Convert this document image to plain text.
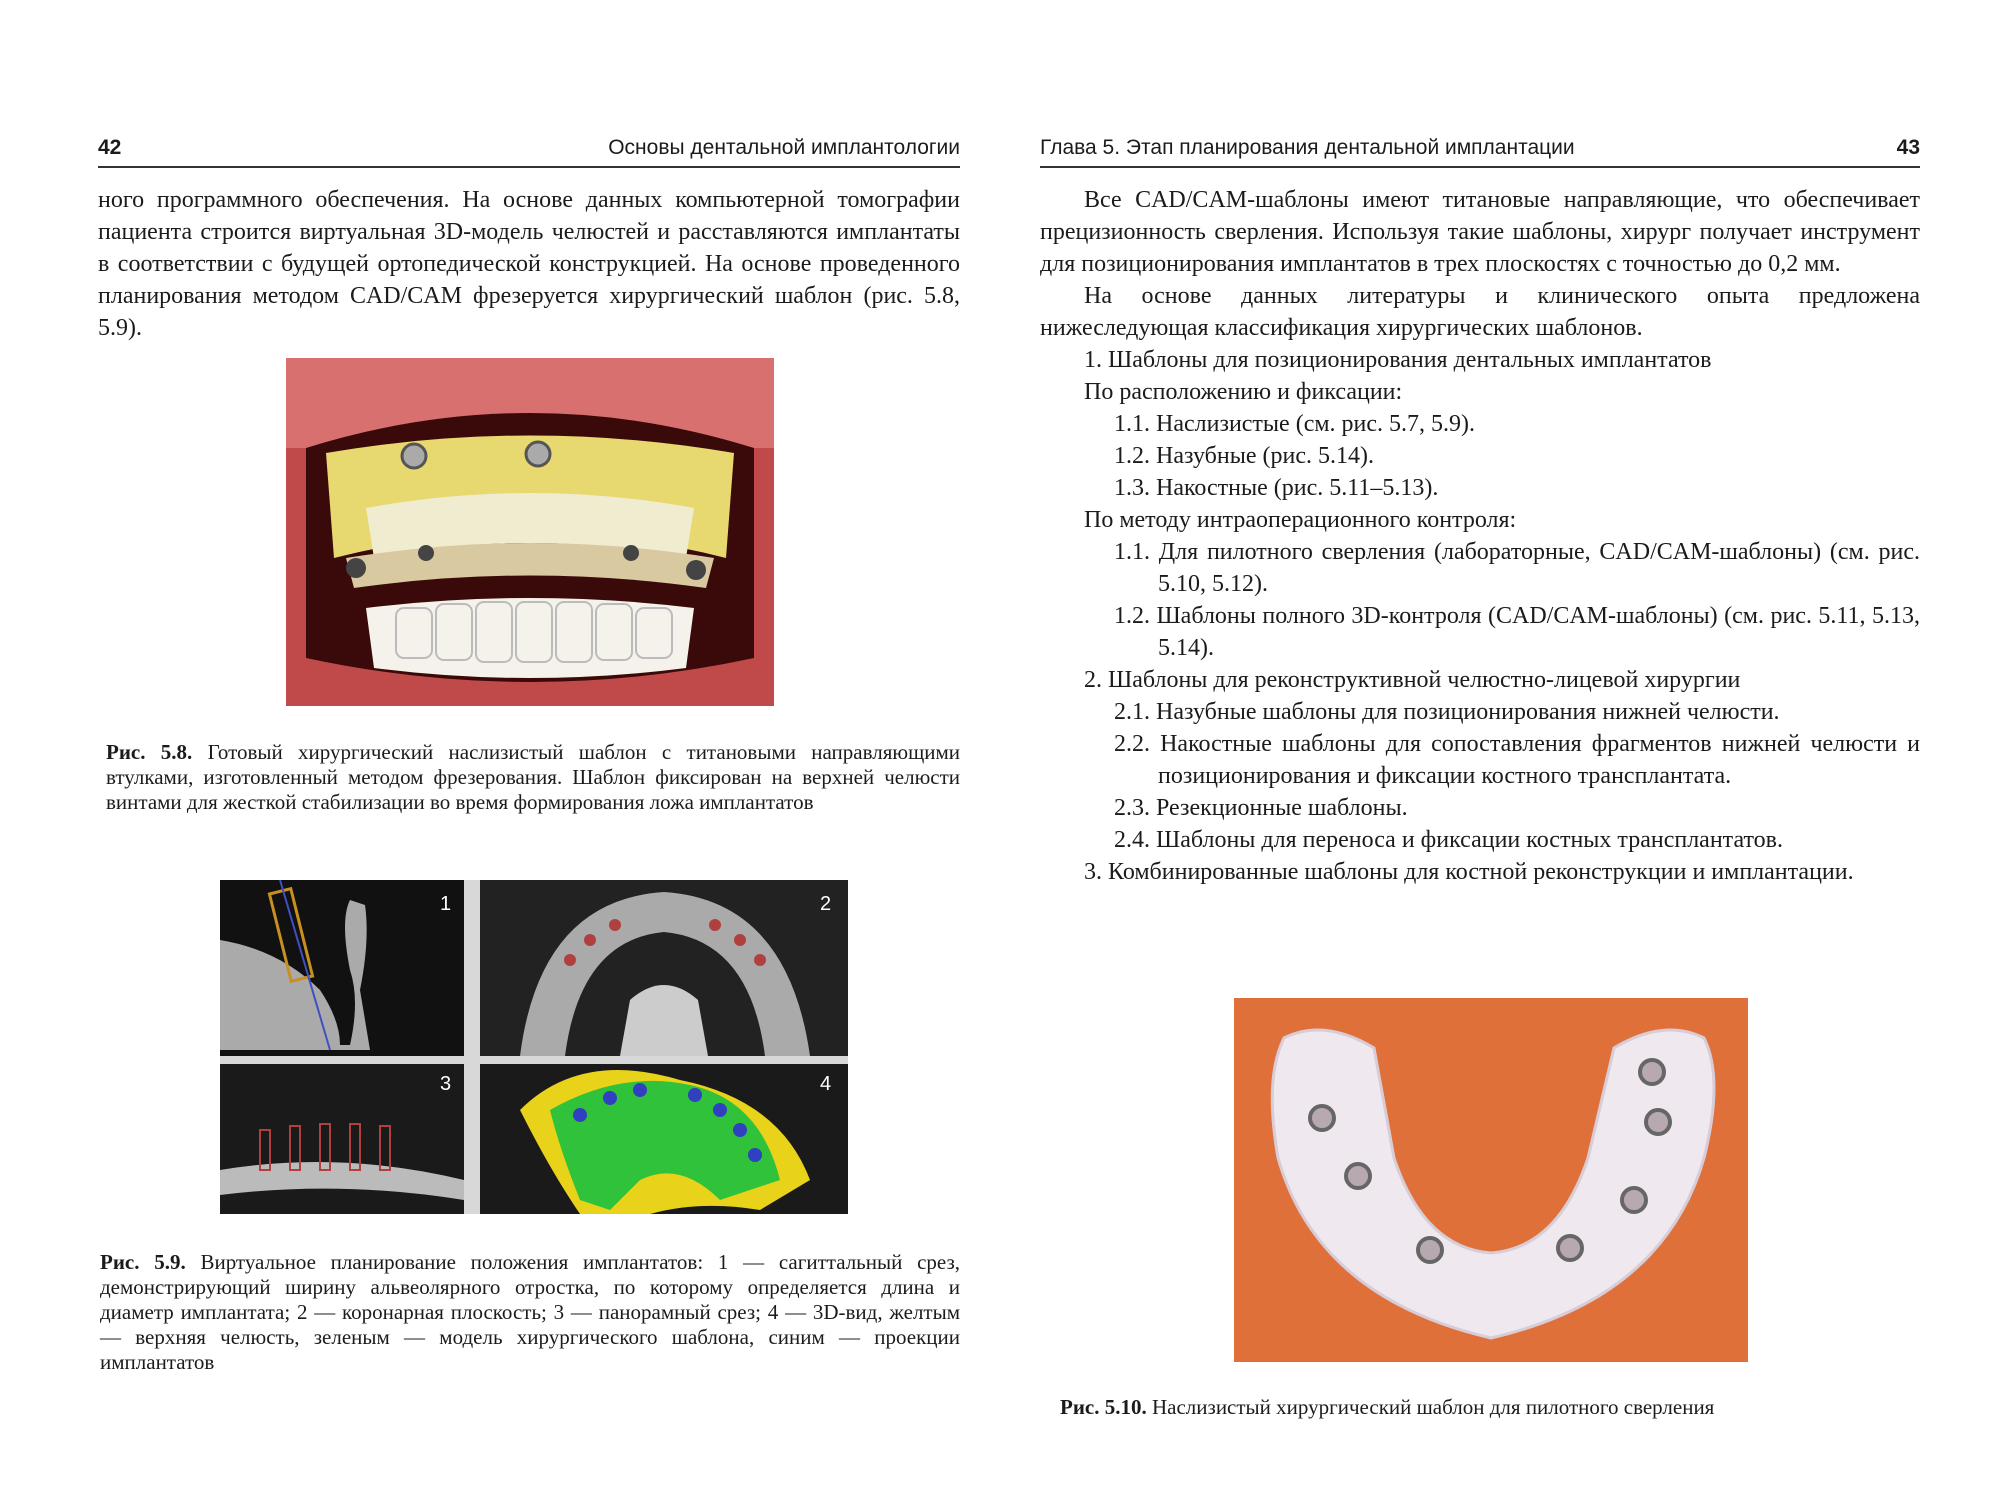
42	Основы дентальной имплантологии

ного программного обеспечения. На основе данных компьютерной томографии пациента строится виртуальная 3D-модель челюстей и расставляются имплантаты в соответствии с будущей ортопедической конструкцией. На основе проведенного планирования методом CAD/CAM фрезеруется хирургический шаблон (рис. 5.8, 5.9).

Рис. 5.8. Готовый хирургический наслизистый шаблон с титановыми направляющими втулками, изготовленный методом фрезерования. Шаблон фиксирован на верхней челюсти винтами для жесткой стабилизации во время формирования ложа имплантатов
1	2
3	4
Рис. 5.9. Виртуальное планирование положения имплантатов: 1 — сагиттальный срез, демонстрирующий ширину альвеолярного отростка, по которому определяется длина и диаметр имплантата; 2 — коронарная плоскость; 3 — панорамный срез; 4 — 3D-вид, желтым — верхняя челюсть, зеленым — модель хирургического шаблона, синим — проекции имплантатов
Глава 5. Этап планирования дентальной имплантации	43

Все CAD/CAM-шаблоны имеют титановые направляющие, что обеспечивает прецизионность сверления. Используя такие шаблоны, хирург получает инструмент для позиционирования имплантатов в трех плоскостях с точностью до 0,2 мм.

На основе данных литературы и клинического опыта предложена нижеследующая классификация хирургических шаблонов.

1. Шаблоны для позиционирования дентальных имплантатов

По расположению и фиксации:

1.1. Наслизистые (см. рис. 5.7, 5.9).

1.2. Назубные (рис. 5.14).

1.3. Накостные (рис. 5.11–5.13).

По методу интраоперационного контроля:

1.1. Для пилотного сверления (лабораторные, CAD/CAM-шаблоны) (см. рис. 5.10, 5.12).

1.2. Шаблоны полного 3D-контроля (CAD/CAM-шаблоны) (см. рис. 5.11, 5.13, 5.14).

2. Шаблоны для реконструктивной челюстно-лицевой хирургии

2.1. Назубные шаблоны для позиционирования нижней челюсти.

2.2. Накостные шаблоны для сопоставления фрагментов нижней челюсти и позиционирования и фиксации костного трансплантата.

2.3. Резекционные шаблоны.

2.4. Шаблоны для переноса и фиксации костных трансплантатов.

3. Комбинированные шаблоны для костной реконструкции и имплантации.

Рис. 5.10. Наслизистый хирургический шаблон для пилотного сверления
